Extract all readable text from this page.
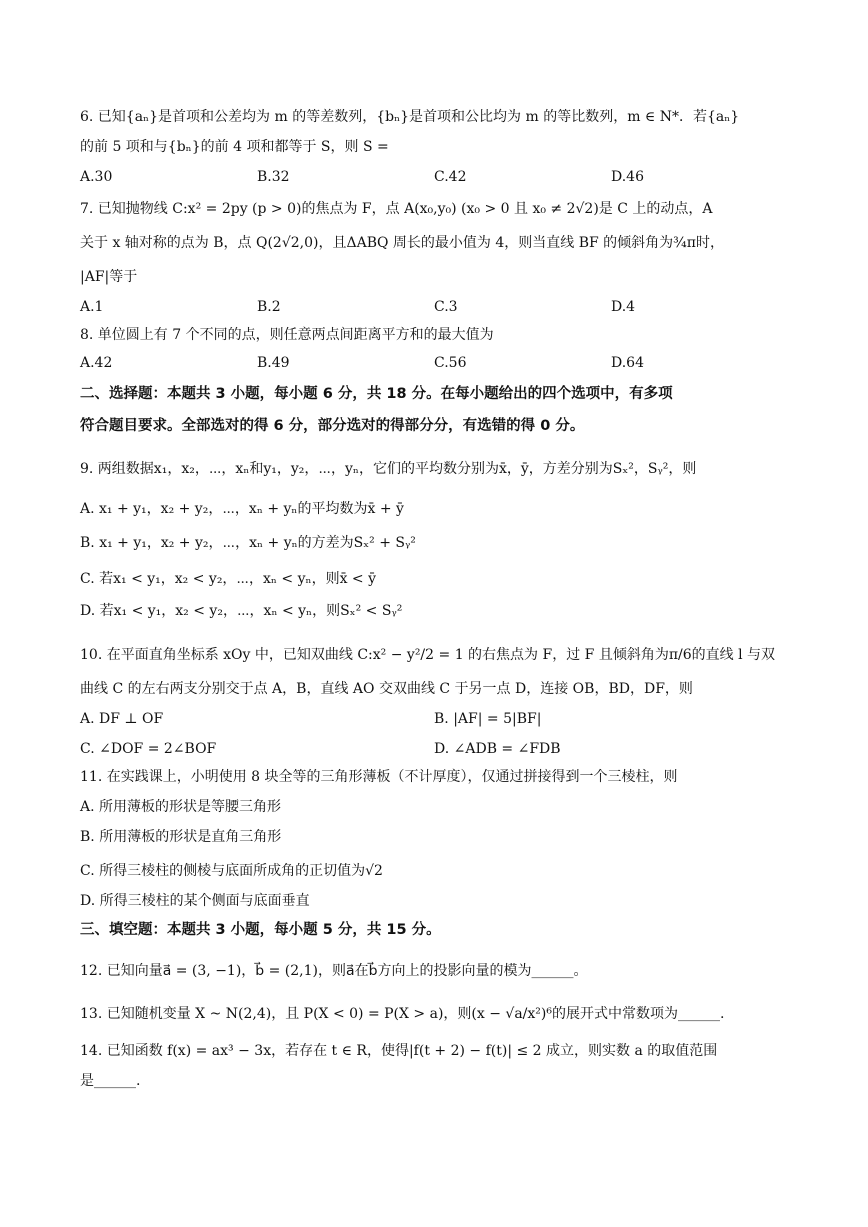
6. 已知{aₙ}是首项和公差均为 m 的等差数列，{bₙ}是首项和公比均为 m 的等比数列，m ∈ N*．若{aₙ}
的前 5 项和与{bₙ}的前 4 项和都等于 S，则 S =
A.30	B.32	C.42	D.46
7. 已知抛物线 C:x² = 2py (p > 0)的焦点为 F，点 A(x₀,y₀) (x₀ > 0 且 x₀ ≠ 2√2)是 C 上的动点，A
关于 x 轴对称的点为 B，点 Q(2√2,0)，且ΔABQ 周长的最小值为 4，则当直线 BF 的倾斜角为¾π时，
|AF|等于
A.1	B.2	C.3	D.4
8. 单位圆上有 7 个不同的点，则任意两点间距离平方和的最大值为
A.42	B.49	C.56	D.64
二、选择题：本题共 3 小题，每小题 6 分，共 18 分。在每小题给出的四个选项中，有多项
符合题目要求。全部选对的得 6 分，部分选对的得部分分，有选错的得 0 分。
9. 两组数据x₁，x₂，⋯，xₙ和y₁，y₂，⋯，yₙ，它们的平均数分别为x̄，ȳ，方差分别为Sₓ²，Sᵧ²，则
A. x₁ + y₁，x₂ + y₂，⋯，xₙ + yₙ的平均数为x̄ + ȳ
B. x₁ + y₁，x₂ + y₂，⋯，xₙ + yₙ的方差为Sₓ² + Sᵧ²
C. 若x₁ < y₁，x₂ < y₂，⋯，xₙ < yₙ，则x̄ < ȳ
D. 若x₁ < y₁，x₂ < y₂，⋯，xₙ < yₙ，则Sₓ² < Sᵧ²
10. 在平面直角坐标系 xOy 中，已知双曲线 C:x² − y²/2 = 1 的右焦点为 F，过 F 且倾斜角为π/6的直线 l 与双
曲线 C 的左右两支分别交于点 A，B，直线 AO 交双曲线 C 于另一点 D，连接 OB，BD，DF，则
A. DF ⊥ OF	B. |AF| = 5|BF|
C. ∠DOF = 2∠BOF	D. ∠ADB = ∠FDB
11. 在实践课上，小明使用 8 块全等的三角形薄板（不计厚度），仅通过拼接得到一个三棱柱，则
A. 所用薄板的形状是等腰三角形
B. 所用薄板的形状是直角三角形
C. 所得三棱柱的侧棱与底面所成角的正切值为√2
D. 所得三棱柱的某个侧面与底面垂直
三、填空题：本题共 3 小题，每小题 5 分，共 15 分。
12. 已知向量a⃗ = (3, −1)，b⃗ = (2,1)，则a⃗在b⃗方向上的投影向量的模为______。
13. 已知随机变量 X ~ N(2,4)，且 P(X < 0) = P(X > a)，则(x − √a/x²)⁶的展开式中常数项为______.
14. 已知函数 f(x) = ax³ − 3x，若存在 t ∈ R，使得|f(t + 2) − f(t)| ≤ 2 成立，则实数 a 的取值范围
是______.
